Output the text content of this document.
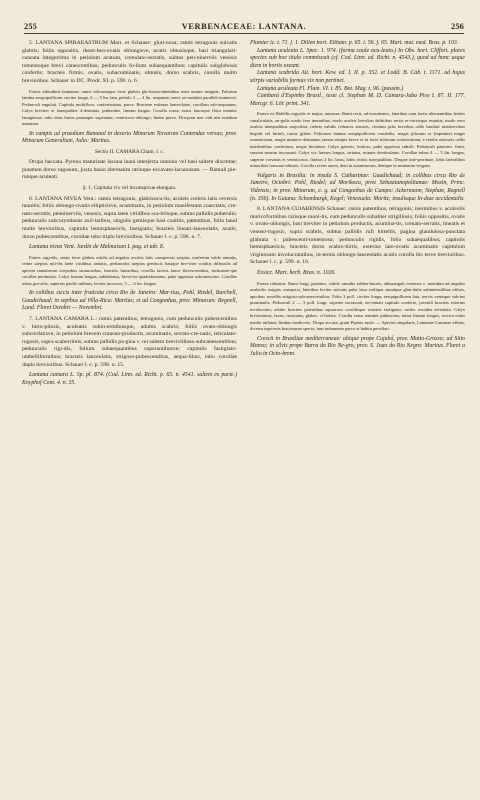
255	VERBENACEAE: LANTANA.	256

5. LANTANA SPIRAEASTRUM Mart. et Schauer: gluti-nosa; ramis tetragonis sulcatis glabris; foliis oppositis, rhom-beo-ovatis oblongisve, acutis obtusisque, basi triangulari-cuneata integerrima in petiolum acutum, crenulato-serratis, subtus pen-ninerviis venosis tomentoque brevi canescentibus; pedunculis fo-lium subaequantibus; capitulis subglobosis confertis; bracteis firmis, ovatis, subacuminatis, obtusis, dorso scabris, corolla multo brevioribus. Schauer in DC. Prodr. XI. p. 596. n. 6.

Frutex altitudinis humanae, ramis foliorumque facie glabris glu-tinoso-nitentibus inter omnes insignis. Folorum lamina sesquipollicem circiter longa, 6 — 9 lin. lata, petiolo 2 — 4 lin. aequante; nervi se-cundarii paralleli numerosi. Pedunculi angulati. Capitula multiflora, confertissima, parva. Bracteae extimae lanceolatae, corollam sub-aequantes. Calyx breviter et inaequaliter 4-dentatus, puberulus, lineam longus. Corolla rosea, extus faucaque flava tenuiter lanuginosa; tubo duas lineas parumper superante, ventricoso-oblongo; limbo parvo. Dru-pam non vidi nisi nondum maturam.

In campis ad praedium Bananal in deserto Minarum Novarum Contendas versus; prov. Minarum Generalium, Julio: Martius.

Sectio II. CAMARA Cham. l. c.

Drupa baccata. Pyrena maturitate lacuna inani interjecta omnino vel basi saltem discretae; putamen dorso rugosum, juxta basin alternatim utrinque excavato-lacunosum. — Ramuli pie-runque aculeati.

§. 1. Capitula vix vel inconspicue elongata.

6. LANTANA NIVEA Vent.: ramis tetragonis, glabriuscu-lis, aculeis crebris latis reversis munitis; foliis oblongo-ovatis ellipticisve, acuminatis, in petiolum manifestum coarctatis, cre-nato-serratis, penninerviis, venosis, supra laete viridibus sca-brisque, subtus pallidis puberulis; pedunculis subcorymbosis axil-laribus, singulis gemisque basi coalitis, patentibus, folio haud multo brevioribus, capitulis hemisphaericis, fastigiatis; bracteis lineari-lanceolatis, acutis, dorso pubescentibus, corollae tubo triplo brevioribus. Schauer l. c. p. 596. n. 7.

Lantana nivea Vent. Jardin de Malmaison I. pag. et tab. 8.

Frutex orgyalis; ramis ferre glabris nitidis ad angulos aculeis latis compressis saepius confertim valde armatis, retine saepius niti-dis laete viridibus undatis, pedunculis saepius gemiscis basique bre-viter coalitis diffusulis ad apicem ramulorum corymbos strumosibus, bracteis linearibus, corollis lacteis fauce flavescentibus, inchoante-que corollae perimissis. Calyx lineam longus, sublabiatus, brevi-ter quadridentatus, pube appressa subcanescens. Corollae tubus gra-cilis, superius paullo inflatus, leviter incurvus, 5 — 6 lin. longus.

In coltibus siccis inter fruticeta circa Rio de Janeiro: Mar-tius, Pohl, Riedel, Burchell, Gaudichaud; in sepibus ad Villa-Rica: Martius; et ad Congonhas, prov. Minarum: Regnell, Lund. Floret Octobri — Novembri.

7. LANTANA CAMARA L.: ramis patentibus, tetragonis, cum pedunculis pubescentibus v. hirto-pilosis, aculeatis subin-ermibusque, adultis scabris; foliis ovato-oblongis subcordatisve, in petiolum brevem cuneato-productis, acuminatis, serrato-cre-natis, reticulato-rugosis, supra scaberrimis, subtus pallidis pa-gina v. rei saltem breviviilloso subcanescentibus; pedunculis rigi-dis, folium subaequantibus superantibusve; capitulis fastigiato-umbelliformibus; bracteis lanceolatis, strigoso-pubescentibus, aequa-libus, tubo corollae duplo brevioribus. Schauer l. c. p. 598. n. 15.

Lantana camara L. Sp. pl. 874. (Cod. Linn. ed. Richt. p. 65. n. 4541. saltem ex parte.) Knyphof Cent. 4. n. 35.

Plumier ic. t. 71. f. 1. Dillen hort. Eltham. p. 65. t. 56. f. 65. Mart. mat. med. Bras. p. 103.

Lantana aculeata L. Spec. 1. 974. (forma caule acu-leato.) In Obs. hort. Cliffort. plures species sub hoc titulo commiscuit (cf. Cod. Linn. ed. Richt. n. 4543.), quod ad hunc usque diem in hortis exeunt.

Lantana scabrida Ait. hort. Kew. ed. I. II. p. 352. et Lodd. B. Cab. t. 1171. ad hujus stirpis variabilis formas vix non pertinet.

Lantana aculeata Fl. Flum. VI. t. 85. Bot. Mag. t. 96. (passim.)

Cambará d'Espinho Brasil., teste cl. Stephan M. D. Camara-Juba Piso I. 87. II. 177. Marcgr. 6. Lör. print. 341.

Frutex ex Ridellis orgyalis et major, ramosus. Rami recti, ad-scendentes, lateribus cum faciis alternantibus leviter canaliculatis, an-gulis modo fere inermibus, modo aculeis brevibus deltiiibus rectis re-curvisque munitis, modo vero aculeis inaequalibus majoribus crebris validis reduncis armatis, citerum pilis brevibus callo basilari insiden-tibus hispidi vel hirtuli, rarius glabri. Foliorum lamina sesquipollicem variabilis, magis pilosum et (inprimis) magis tomentosum, magis minutve dentatum, tamen semper breve et in facie foliorum scaberrimum, e setulis asterseis callis insidentibus confectum, neque hirsutum. Calyx generis, hiulcus, pube appressa subsili. Pedunculi patentes, firmi, sursum sensim incrassati. Calyx vix lineam longus, striatus, minute denticulatus. Corollae tubus 4 — 5 lin. longus, superne curvatus et ventricosus; limbus 2 lin. latus, lobis ovatis inaequalibus. Drupae inte-gerrimae, lobis lateralibus minoribus truncato-obtusis. Corolla recens aurea, dein in aurantiacum, denique in miniatum vergens.

Vulgaris in Brasilia: in insula S. Catharinae: Gaudichaud; in collibus circa Rio de Janeiro, Octobri: Pohl, Riedel; ad Morikoca, prov. Sebastianopolitanae: Mozin, Princ. Vidensis; in prov. Minarum, e. g. ad Congonhas de Campo: Ackermann, Stephan, Regnell (n. 356). In Guiana: Schomburgk, Kegel; Venezuela: Moritz; insulisque In-diae occidentalis.

8. LANTANA CUJABENSIS Schauer: ramis patentibus, tetragonis; inermibus v. aculeolis muricoformibus rarisque muni-tis, cum pedunculis subaliter strigillosis; foliis oppositis, ovalis v. ovato-oblongis, basi breviter in petiolum productis, acumina-tis, crenato-serratis, lineatis et venoso-rugosis, supra scabris, subtus pallidis rufi hirtellis, pagina glandulosa-punctata glabrata v. pubescenti-tomentosa; pedunculis rigidis, folio subaequalibus; capitulis hemisphaericis; bracteis dorso scabro-hirtis, exterius lato-ovatis acuminatis capitulum virginosum involucrantibus, in-ternis oblongo-lanceolatis acutis corolla bis terve brevioribus. Schauer l. c. p. 599. n. 16.

Exsicc. Mart. herb. Bras. n. 1026.

Frutex robustus. Rami longi, patentes, validi; ramulis sebber-baceis, obtusanguli, inermes v. interdum ad angulos aculeolis exiguis conspersi, lateribus leviter sulcatis pube laxa exiliqua simulque glan-dulis submeessilibus affixis, apicibus novellis strigoso-subcanescentibus. Folia 3 poll. circiter longa, sesquipollicem lata, nervis venisque sub-tus prominulis. Pedunculi 2 — 3 poll. longi, superne incrassati, ter-minati capitulo conferto, juvenili bracteis exterius involucrato; adulto bracteis patentibus squarroso corollisque exsertis fastigiato; rachis ovoidea alveolata. Calyx brevissimus, laxus, truncatus, glaber, ci-liolato. Corolla extus tenuiter pubescens; tubus lineam longus, recticu-culus medio inflatus; limbus mediocris. Drupa siccata, grani Piperis mole. — Species singularis, Lantanae Camarae affinis, diversa inpri-mis bractearum specie, tum indumento parco et habitu peculiari.

Crescit in Brasiliae mediterraneae: ubique prope Cujabá, prov. Matto-Grosso; ad Sitio Manso; in silvis prope Barra do Rio Ne-gro, prov. S. Joao do Rio Negro: Martius. Floret a Julio in Octo-brem.
